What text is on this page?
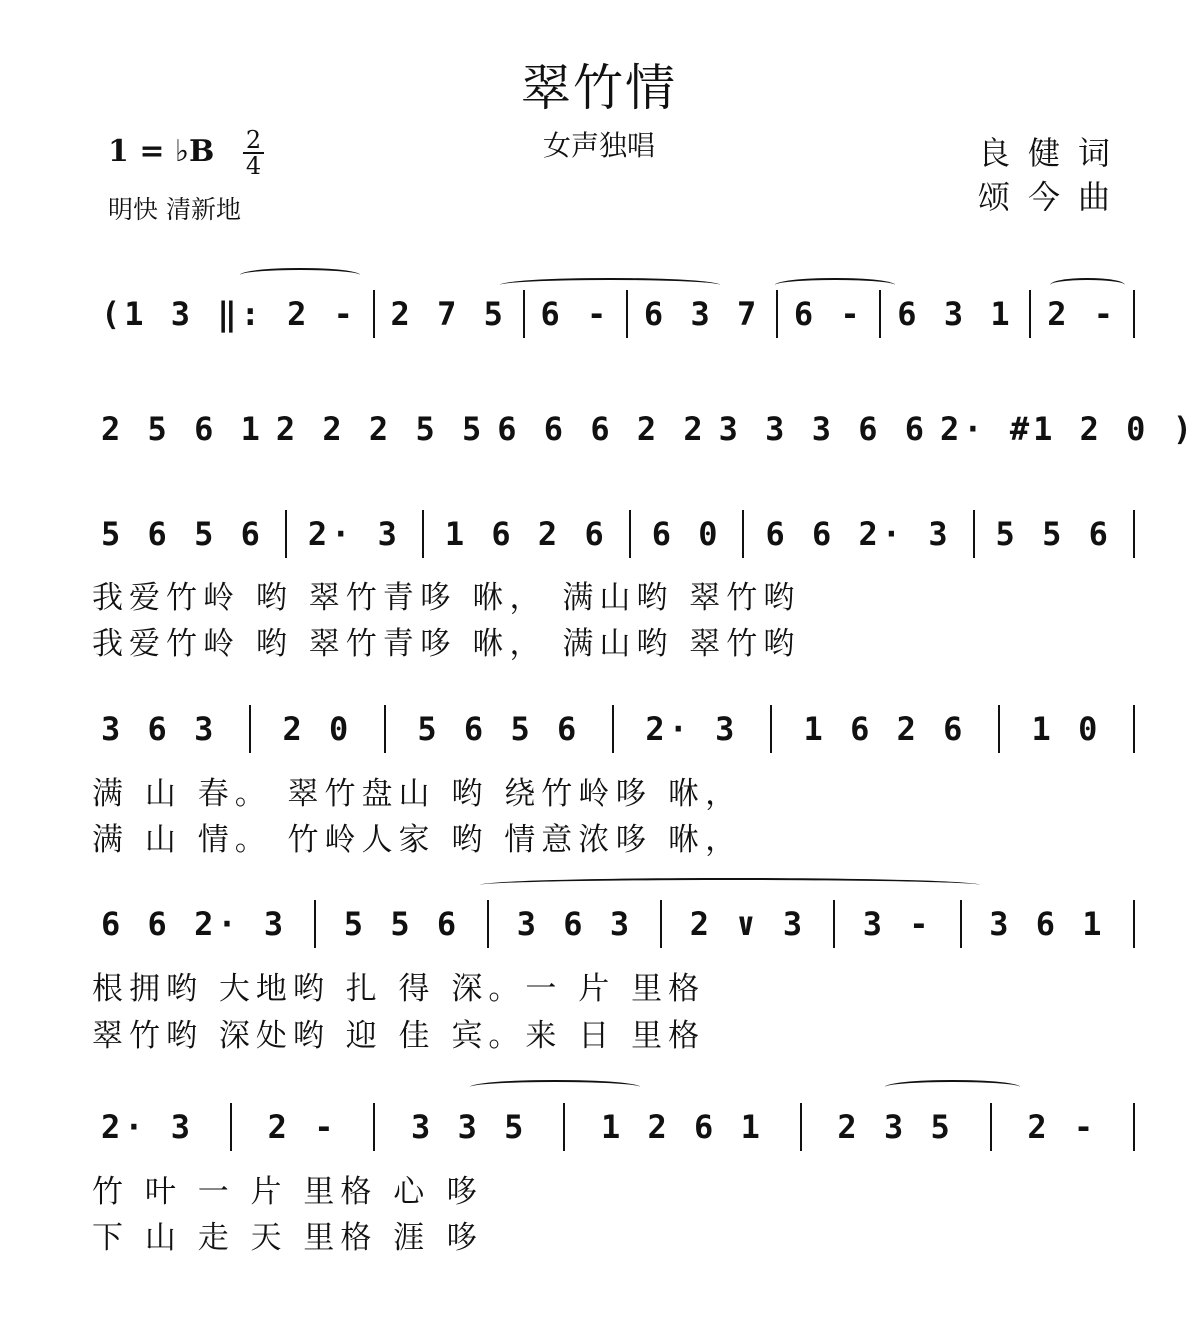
翠竹情
女声独唱
1 = ♭B $\frac{2}{4}$
明快 清新地
良健词
颂今曲
(1 3 ‖: 2 - 2 7 5 6 - 6 3 7 6 - 6 3 1 2 -
2 5 6 1 2 2 2 5 5 6 6 6 2 2 3 3 3 6 6 2· #1 2 0 )
5 6 5 6 2· 3 1 6 2 6 6 0 6 6 2· 3 5 5 6
我爱竹岭 哟 翠竹青哆 咻， 满山哟 翠竹哟
我爱竹岭 哟 翠竹青哆 咻， 满山哟 翠竹哟
3 6 3 2 0 5 6 5 6 2· 3 1 6 2 6 1 0
满 山 春。 翠竹盘山 哟 绕竹岭哆 咻，
满 山 情。 竹岭人家 哟 情意浓哆 咻，
6 6 2· 3 5 5 6 3 6 3 2 ∨ 3 3 - 3 6 1
根拥哟 大地哟 扎 得 深。一 片 里格
翠竹哟 深处哟 迎 佳 宾。来 日 里格
2· 3 2 - 3 3 5 1 2 6 1 2 3 5 2 -
竹 叶 一 片 里格 心 哆
下 山 走 天 里格 涯 哆
